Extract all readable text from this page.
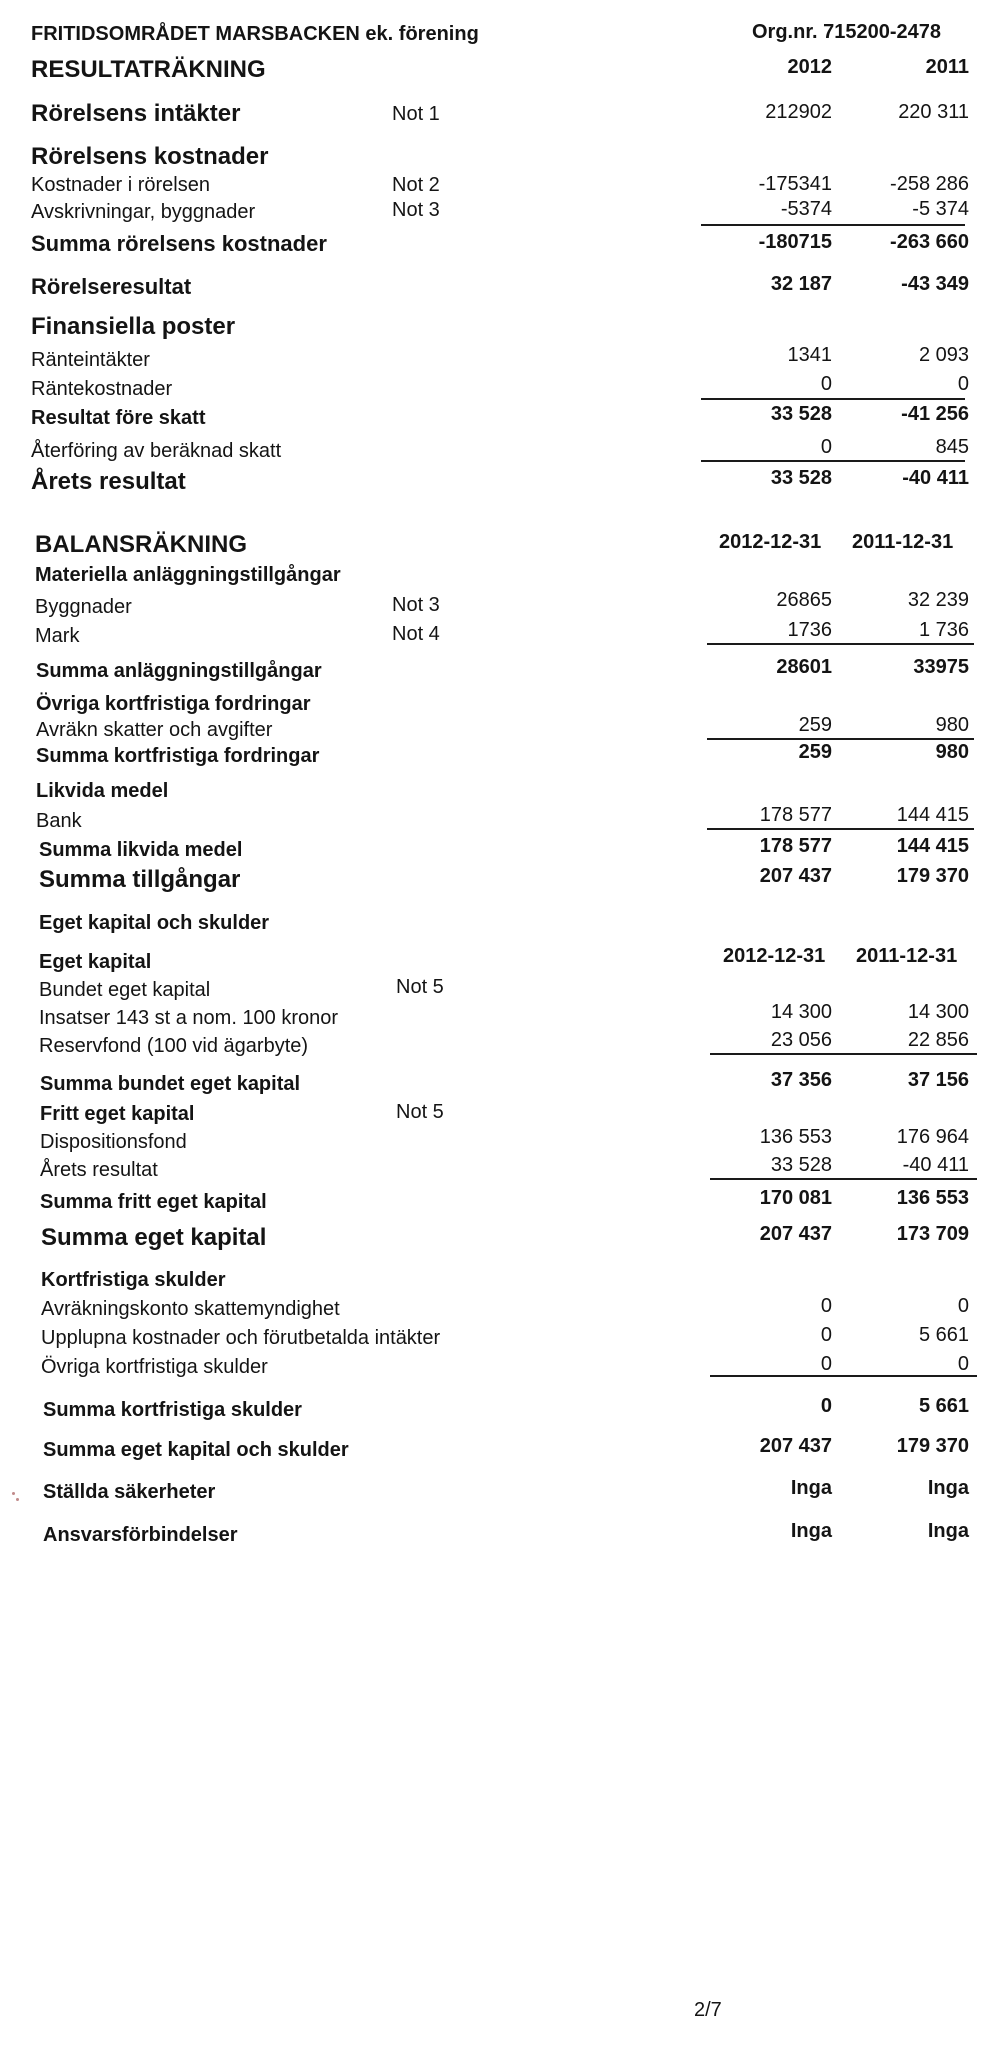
FRITIDSOMRÅDET MARSBACKEN ek. förening	Org.nr. 715200-2478
RESULTATRÄKNING	2012	2011
Rörelsens intäkter	Not 1	212902	220 311
Rörelsens kostnader
Kostnader i rörelsen	Not 2	-175341	-258 286
Avskrivningar, byggnader	Not 3	-5374	-5 374
Summa rörelsens kostnader	-180715	-263 660
Rörelseresultat	32 187	-43 349
Finansiella poster
Ränteintäkter	1341	2 093
Räntekostnader	0	0
Resultat före skatt	33 528	-41 256
Återföring av beräknad skatt	0	845
Årets resultat	33 528	-40 411
BALANSRÄKNING	2012-12-31 2011-12-31
Materiella anläggningstillgångar
Byggnader	Not 3	26865	32 239
Mark	Not 4	1736	1 736
Summa anläggningstillgångar	28601	33975
Övriga kortfristiga fordringar
Avräkn skatter och avgifter	259	980
Summa kortfristiga fordringar	259	980
Likvida medel
Bank	178 577	144 415
Summa likvida medel	178 577	144 415
Summa tillgångar	207 437	179 370
Eget kapital och skulder
Eget kapital	2012-12-31 2011-12-31
Bundet eget kapital	Not 5
Insatser 143 st a nom. 100 kronor	14 300	14 300
Reservfond (100 vid ägarbyte)	23 056	22 856
Summa bundet eget kapital	37 356	37 156
Fritt eget kapital	Not 5
Dispositionsfond	136 553	176 964
Årets resultat	33 528	-40 411
Summa fritt eget kapital	170 081	136 553
Summa eget kapital	207 437	173 709
Kortfristiga skulder
Avräkningskonto skattemyndighet	0	0
Upplupna kostnader och förutbetalda intäkter	0	5 661
Övriga kortfristiga skulder	0	0
Summa kortfristiga skulder	0	5 661
Summa eget kapital och skulder	207 437	179 370
Ställda säkerheter	Inga	Inga
Ansvarsförbindelser	Inga	Inga
2/7
